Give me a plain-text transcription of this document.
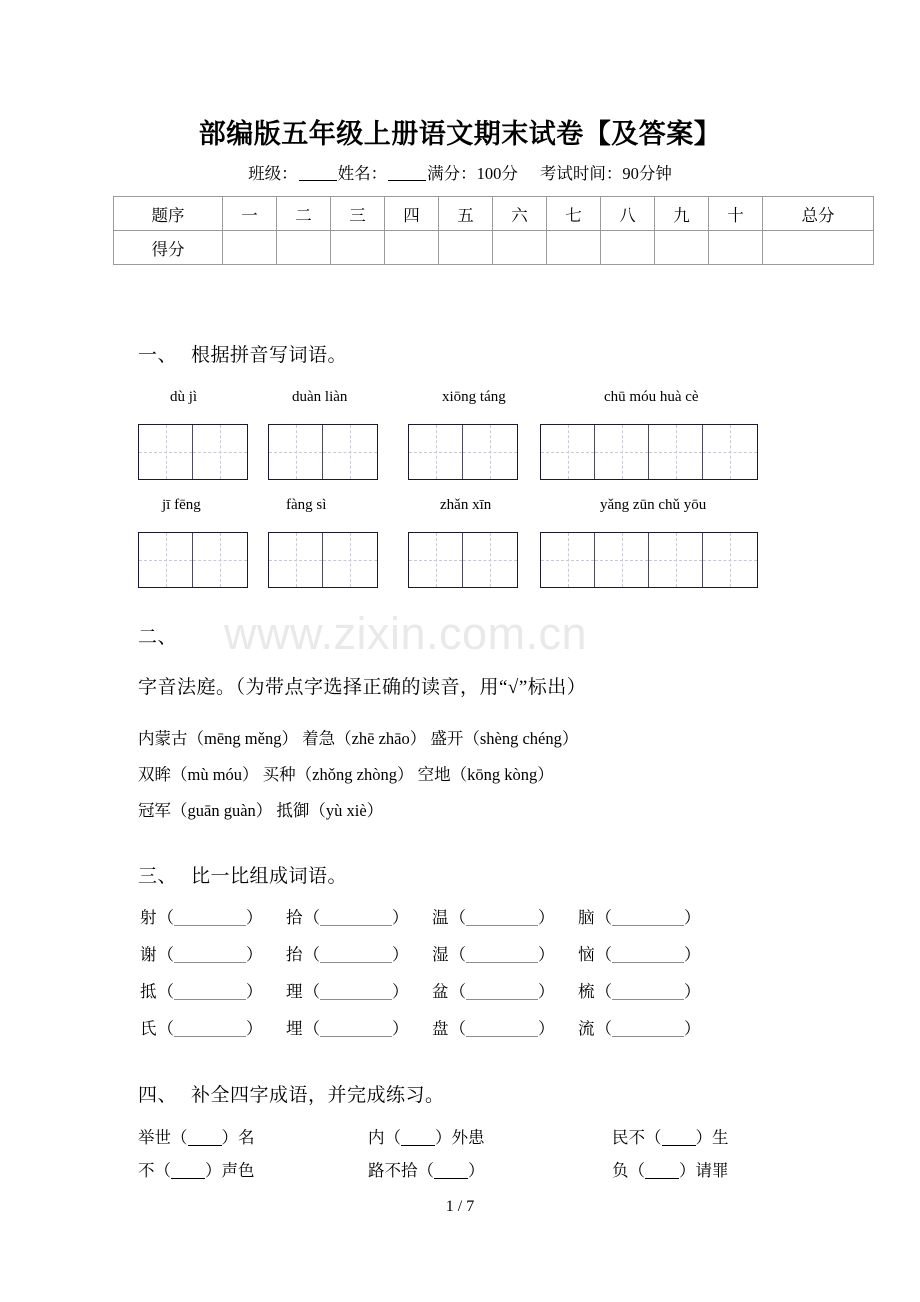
www.zixin.com.cn
部编版五年级上册语文期末试卷【及答案】
班级： 姓名： 满分：100分 考试时间：90分钟
题序	一	二	三	四	五	六	七	八	九	十	总分
得分											
一、 根据拼音写词语。
dù jì	duàn liàn	xiōng táng	chū móu huà cè
jī fēng	fàng sì	zhǎn xīn	yǎng zūn chǔ yōu
二、
字音法庭。（为带点字选择正确的读音，用“√”标出）
内蒙古（mēng měng） 着急（zhē zhāo） 盛开（shèng chéng）
双眸（mù móu） 买种（zhǒng zhòng） 空地（kōng kòng）
冠军（guān guàn） 抵御（yù xiè）
三、 比一比组成词语。
射（	） 拾（	） 温（	） 脑（	）
谢（	） 抬（	） 湿（	） 恼（	）
抵（	） 理（	） 盆（	） 梳（	）
氏（	） 埋（	） 盘（	） 流（	）
四、 补全四字成语，并完成练习。
举世（ ）名	内（ ）外患	民不（ ）生
不（ ）声色	路不拾（ ）	负（ ）请罪
1 / 7
